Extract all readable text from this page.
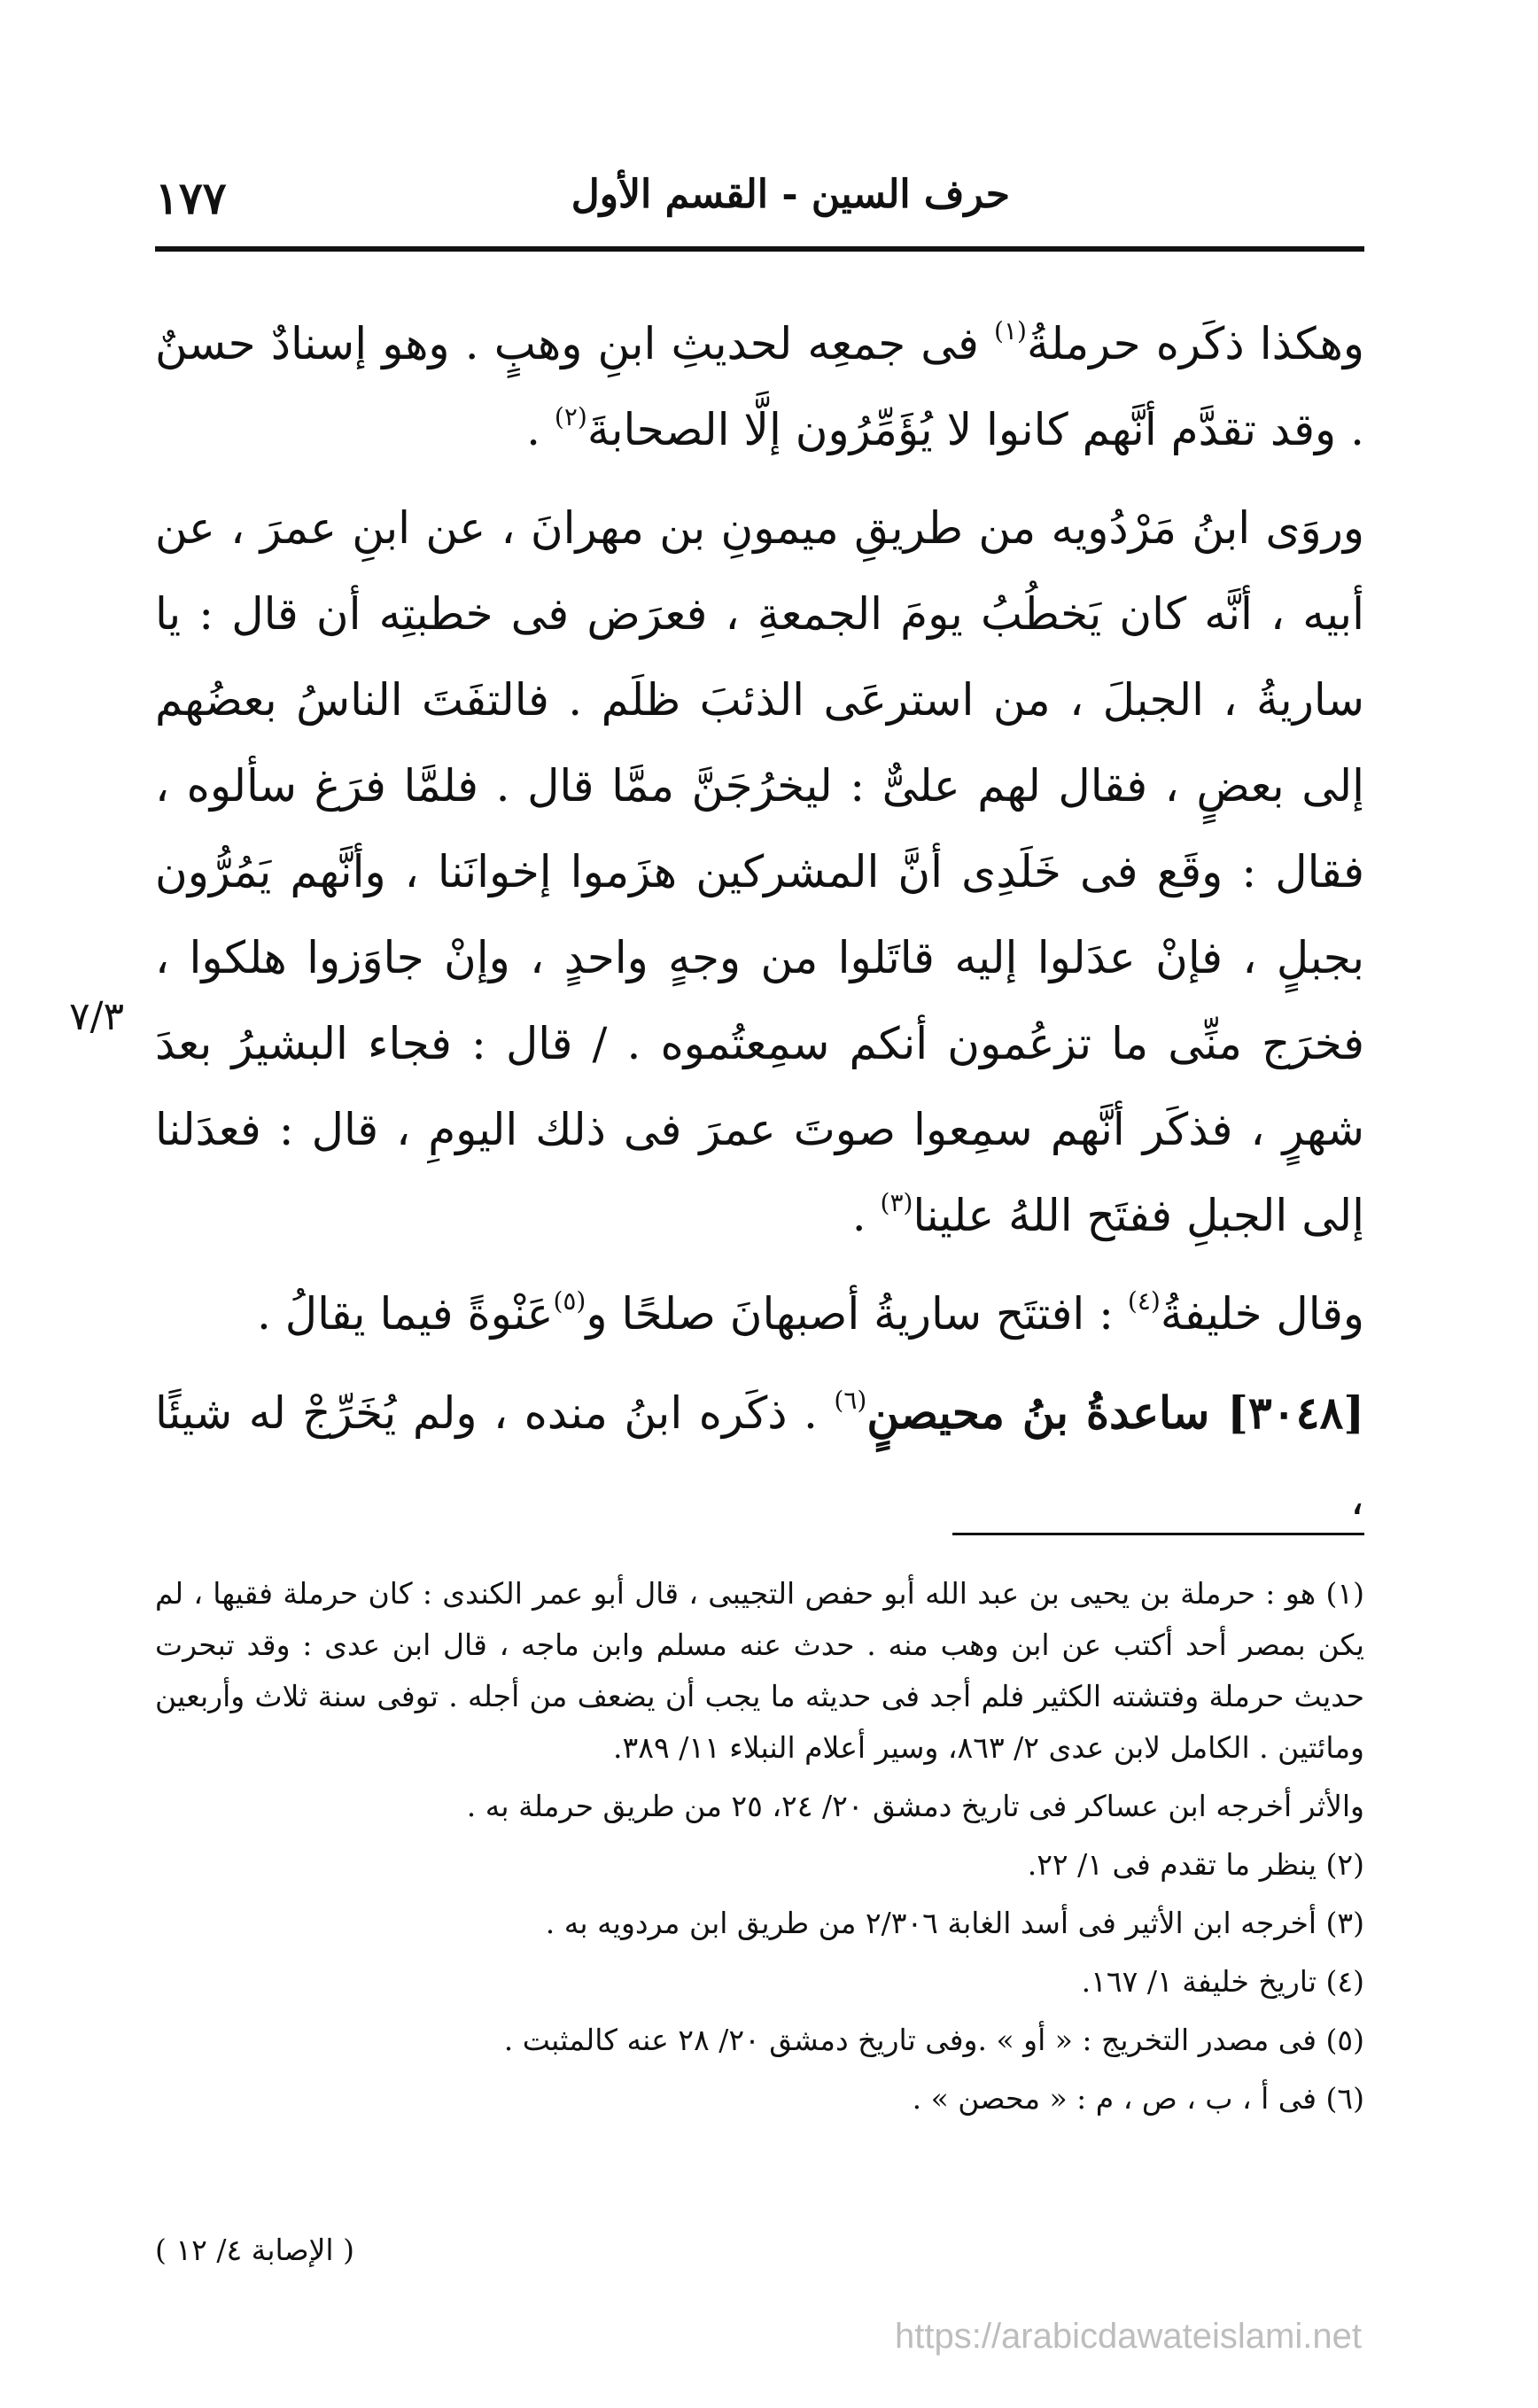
١٧٧	حرف السين - القسم الأول

وهكذا ذكَره حرملةُ$^{(١)}$ فى جمعِه لحديثِ ابنِ وهبٍ . وهو إسنادٌ حسنٌ . وقد تقدَّم أنَّهم كانوا لا يُؤَمِّرُون إلَّا الصحابةَ$^{(٢)}$ .

وروَى ابنُ مَرْدُويه من طريقِ ميمونِ بن مهرانَ ، عن ابنِ عمرَ ، عن أبيه ، أنَّه كان يَخطُبُ يومَ الجمعةِ ، فعرَض فى خطبتِه أن قال : يا ساريةُ ، الجبلَ ، من استرعَى الذئبَ ظلَم . فالتفَتَ الناسُ بعضُهم إلى بعضٍ ، فقال لهم علىٌّ : ليخرُجَنَّ ممَّا قال . فلمَّا فرَغ سألوه ، فقال : وقَع فى خَلَدِى أنَّ المشركين هزَموا إخوانَنا ، وأنَّهم يَمُرُّون بجبلٍ ، فإنْ عدَلوا إليه قاتَلوا من وجهٍ واحدٍ ، وإنْ جاوَزوا هلكوا ، فخرَج منِّى ما تزعُمون أنكم سمِعتُموه . / قال : فجاء البشيرُ بعدَ شهرٍ ، فذكَر أنَّهم سمِعوا صوتَ عمرَ فى ذلك اليومِ ، قال : فعدَلنا إلى الجبلِ ففتَح اللهُ علينا$^{(٣)}$ .

وقال خليفةُ$^{(٤)}$ : افتتَح ساريةُ أصبهانَ صلحًا و$^{(٥)}$عَنْوةً فيما يقالُ .

[٣٠٤٨] ساعدةُ بنُ محيصنٍ$^{(٦)}$ . ذكَره ابنُ منده ، ولم يُخَرِّجْ له شيئًا ،

٧/٣

(١) هو : حرملة بن يحيى بن عبد الله أبو حفص التجيبى ، قال أبو عمر الكندى : كان حرملة فقيها ، لم يكن بمصر أحد أكتب عن ابن وهب منه . حدث عنه مسلم وابن ماجه ، قال ابن عدى : وقد تبحرت حديث حرملة وفتشته الكثير فلم أجد فى حديثه ما يجب أن يضعف من أجله . توفى سنة ثلاث وأربعين ومائتين . الكامل لابن عدى ٢/ ٨٦٣، وسير أعلام النبلاء ١١/ ٣٨٩.

والأثر أخرجه ابن عساكر فى تاريخ دمشق ٢٠/ ٢٤، ٢٥ من طريق حرملة به .

(٢) ينظر ما تقدم فى ١/ ٢٢.

(٣) أخرجه ابن الأثير فى أسد الغابة ٢/٣٠٦ من طريق ابن مردويه به .

(٤) تاريخ خليفة ١/ ١٦٧.

(٥) فى مصدر التخريج : « أو » .وفى تاريخ دمشق ٢٠/ ٢٨ عنه كالمثبت .

(٦) فى أ ، ب ، ص ، م : « محصن » .

( الإصابة ٤/ ١٢ )
https://arabicdawateislami.net
